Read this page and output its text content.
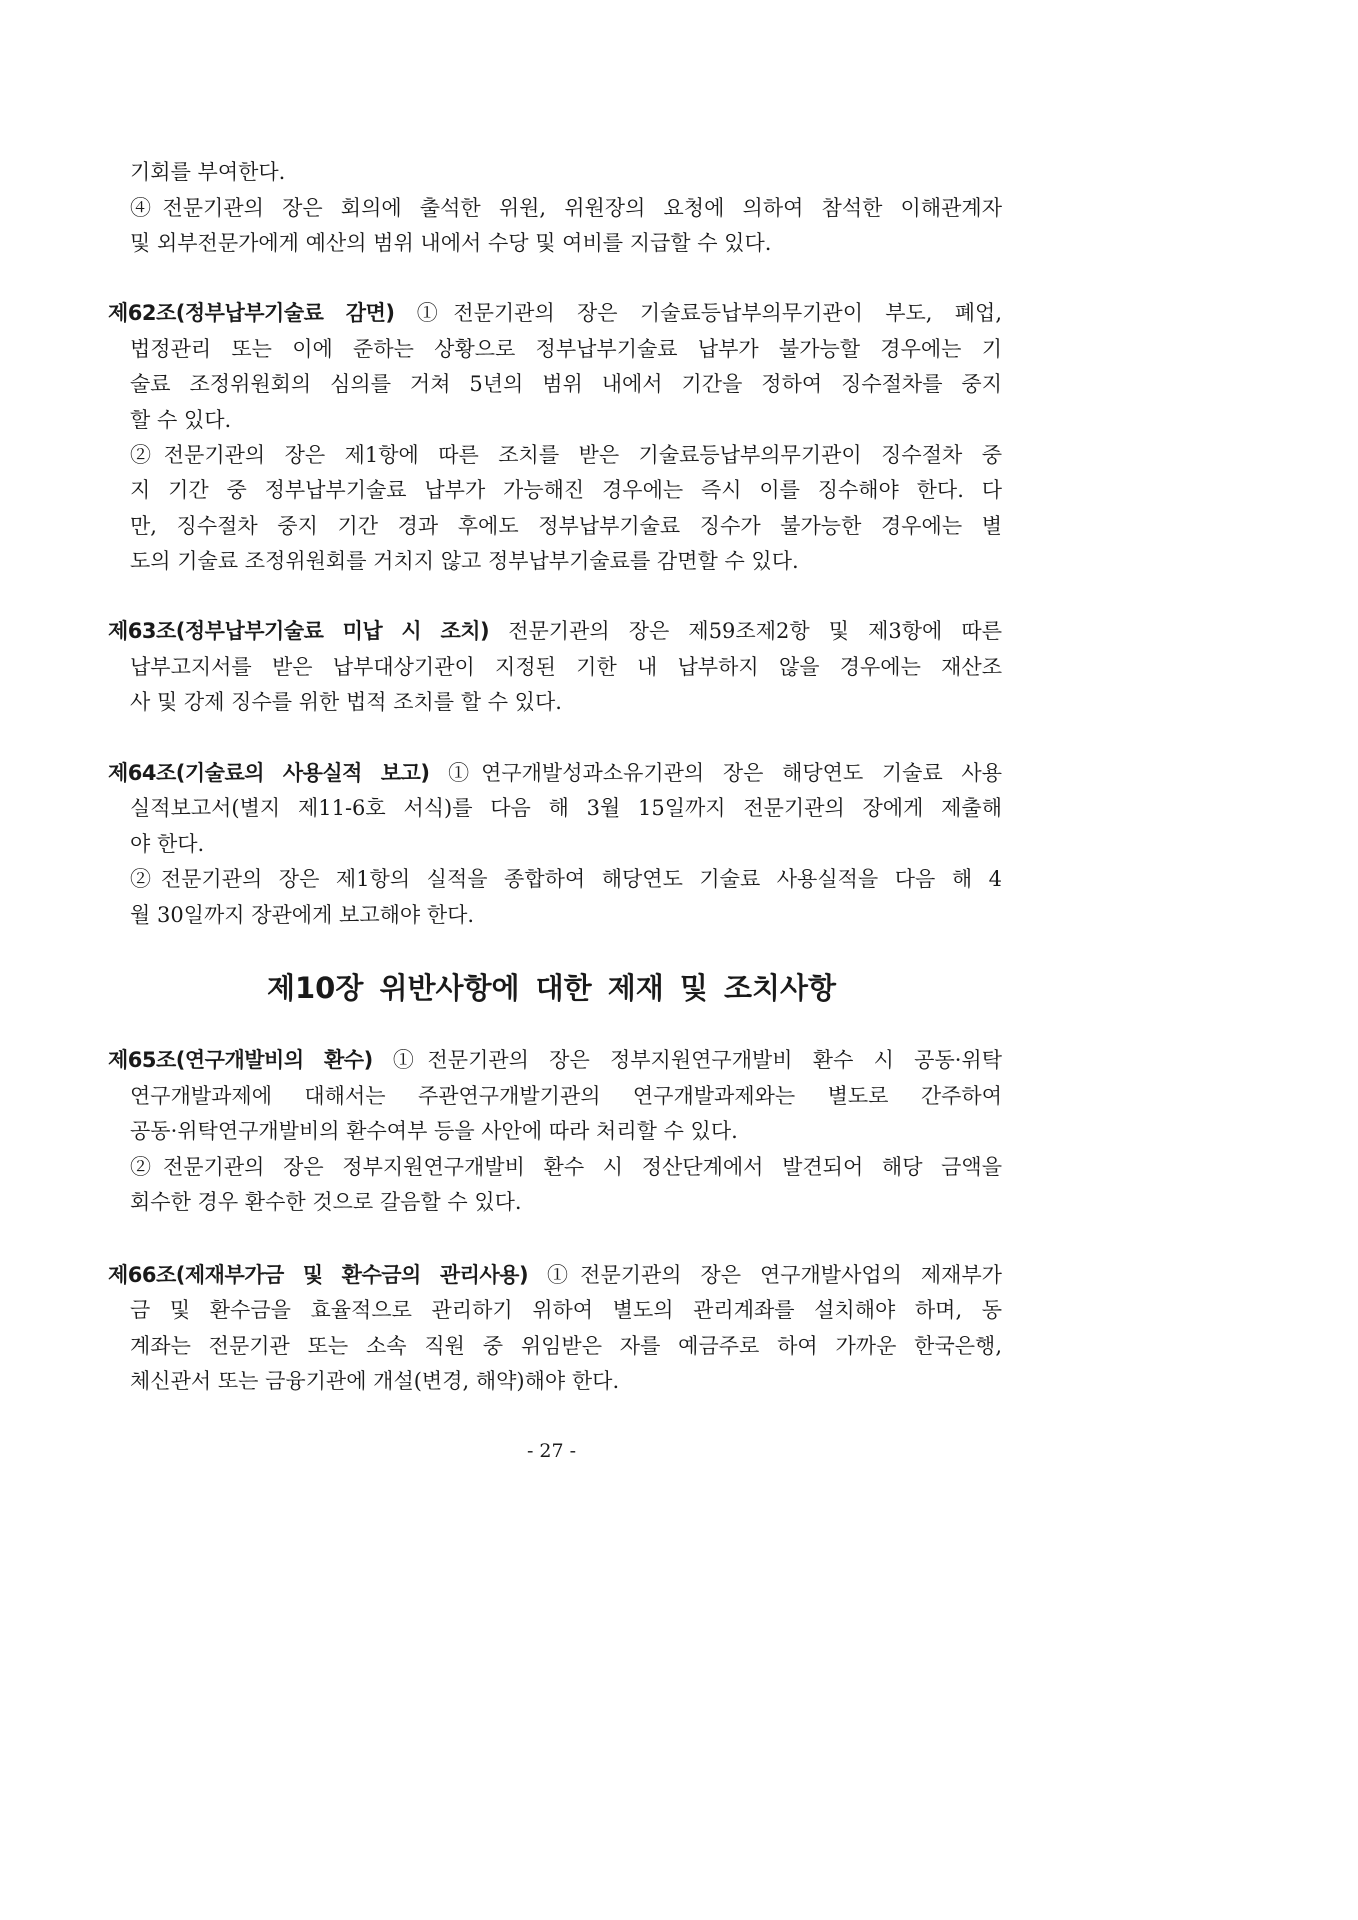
기회를 부여한다.
④전문기관의 장은 회의에 출석한 위원, 위원장의 요청에 의하여 참석한 이해관계자
및 외부전문가에게 예산의 범위 내에서 수당 및 여비를 지급할 수 있다.
제62조(정부납부기술료 감면) ①전문기관의 장은 기술료등납부의무기관이 부도, 폐업,
법정관리 또는 이에 준하는 상황으로 정부납부기술료 납부가 불가능할 경우에는 기
술료 조정위원회의 심의를 거쳐 5년의 범위 내에서 기간을 정하여 징수절차를 중지
할 수 있다.
②전문기관의 장은 제1항에 따른 조치를 받은 기술료등납부의무기관이 징수절차 중
지 기간 중 정부납부기술료 납부가 가능해진 경우에는 즉시 이를 징수해야 한다. 다
만, 징수절차 중지 기간 경과 후에도 정부납부기술료 징수가 불가능한 경우에는 별
도의 기술료 조정위원회를 거치지 않고 정부납부기술료를 감면할 수 있다.
제63조(정부납부기술료 미납 시 조치) 전문기관의 장은 제59조제2항 및 제3항에 따른
납부고지서를 받은 납부대상기관이 지정된 기한 내 납부하지 않을 경우에는 재산조
사 및 강제 징수를 위한 법적 조치를 할 수 있다.
제64조(기술료의 사용실적 보고) ①연구개발성과소유기관의 장은 해당연도 기술료 사용
실적보고서(별지 제11-6호 서식)를 다음 해 3월 15일까지 전문기관의 장에게 제출해
야 한다.
②전문기관의 장은 제1항의 실적을 종합하여 해당연도 기술료 사용실적을 다음 해 4
월 30일까지 장관에게 보고해야 한다.
제10장 위반사항에 대한 제재 및 조치사항
제65조(연구개발비의 환수) ①전문기관의 장은 정부지원연구개발비 환수 시 공동·위탁
연구개발과제에 대해서는 주관연구개발기관의 연구개발과제와는 별도로 간주하여
공동·위탁연구개발비의 환수여부 등을 사안에 따라 처리할 수 있다.
②전문기관의 장은 정부지원연구개발비 환수 시 정산단계에서 발견되어 해당 금액을
회수한 경우 환수한 것으로 갈음할 수 있다.
제66조(제재부가금 및 환수금의 관리사용) ①전문기관의 장은 연구개발사업의 제재부가
금 및 환수금을 효율적으로 관리하기 위하여 별도의 관리계좌를 설치해야 하며, 동
계좌는 전문기관 또는 소속 직원 중 위임받은 자를 예금주로 하여 가까운 한국은행,
체신관서 또는 금융기관에 개설(변경, 해약)해야 한다.
- 27 -
